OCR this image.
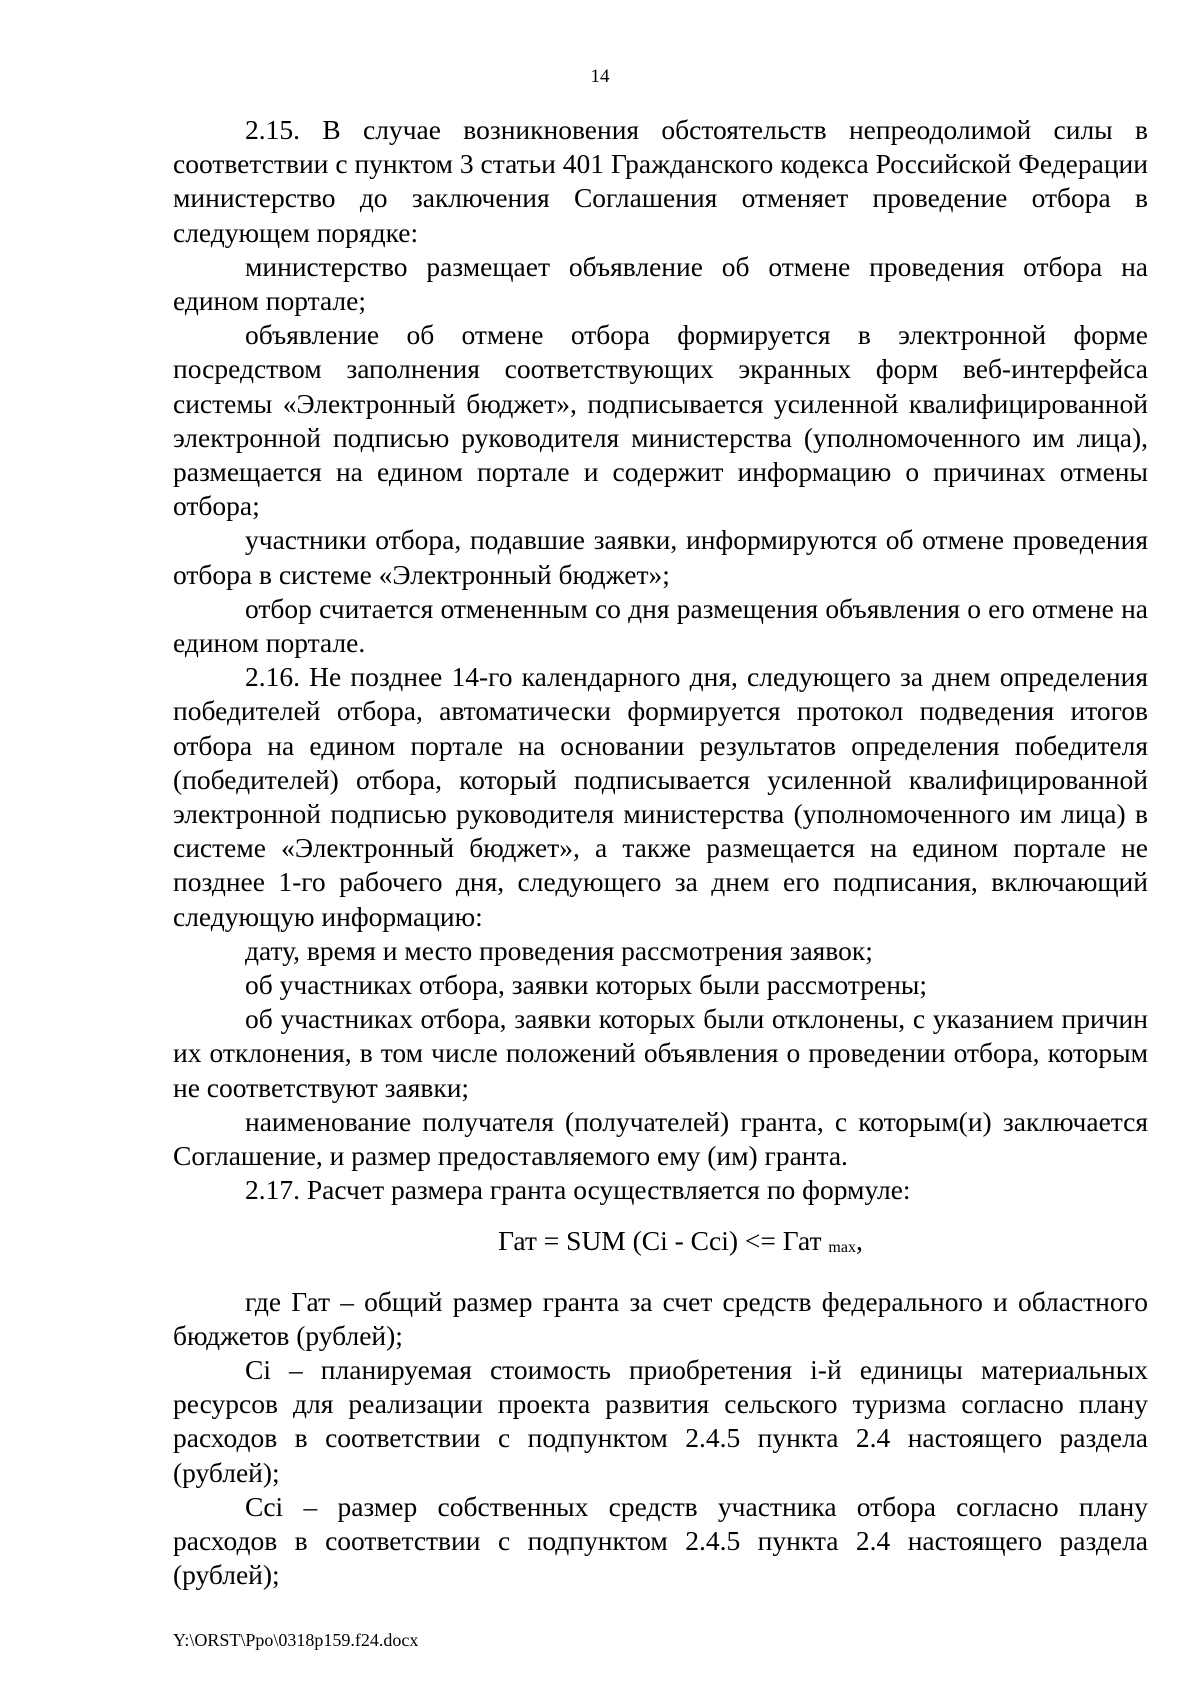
14

2.15. В случае возникновения обстоятельств непреодолимой силы в соответствии с пунктом 3 статьи 401 Гражданского кодекса Российской Федерации министерство до заключения Соглашения отменяет проведение отбора в следующем порядке:

министерство размещает объявление об отмене проведения отбора на едином портале;

объявление об отмене отбора формируется в электронной форме посредством заполнения соответствующих экранных форм веб-интерфейса системы «Электронный бюджет», подписывается усиленной квалифицированной электронной подписью руководителя министерства (уполномоченного им лица), размещается на едином портале и содержит информацию о причинах отмены отбора;

участники отбора, подавшие заявки, информируются об отмене проведения отбора в системе «Электронный бюджет»;

отбор считается отмененным со дня размещения объявления о его отмене на едином портале.

2.16. Не позднее 14-го календарного дня, следующего за днем определения победителей отбора, автоматически формируется протокол подведения итогов отбора на едином портале на основании результатов определения победителя (победителей) отбора, который подписывается усиленной квалифицированной электронной подписью руководителя министерства (уполномоченного им лица) в системе «Электронный бюджет», а также размещается на едином портале не позднее 1-го рабочего дня, следующего за днем его подписания, включающий следующую информацию:

дату, время и место проведения рассмотрения заявок;

об участниках отбора, заявки которых были рассмотрены;

об участниках отбора, заявки которых были отклонены, с указанием причин их отклонения, в том числе положений объявления о проведении отбора, которым не соответствуют заявки;

наименование получателя (получателей) гранта, с которым(и) заключается Соглашение, и размер предоставляемого ему (им) гранта.

2.17. Расчет размера гранта осуществляется по формуле:

Гат = SUM (Ci - Cci) <= Гат $_{max}$,

где Гат – общий размер гранта за счет средств федерального и областного бюджетов (рублей);

Ci – планируемая стоимость приобретения i-й единицы материальных ресурсов для реализации проекта развития сельского туризма согласно плану расходов в соответствии с подпунктом 2.4.5 пункта 2.4 настоящего раздела (рублей);

Cci – размер собственных средств участника отбора согласно плану расходов в соответствии с подпунктом 2.4.5 пункта 2.4 настоящего раздела (рублей);

Y:\ORST\Ppo\0318p159.f24.docx
